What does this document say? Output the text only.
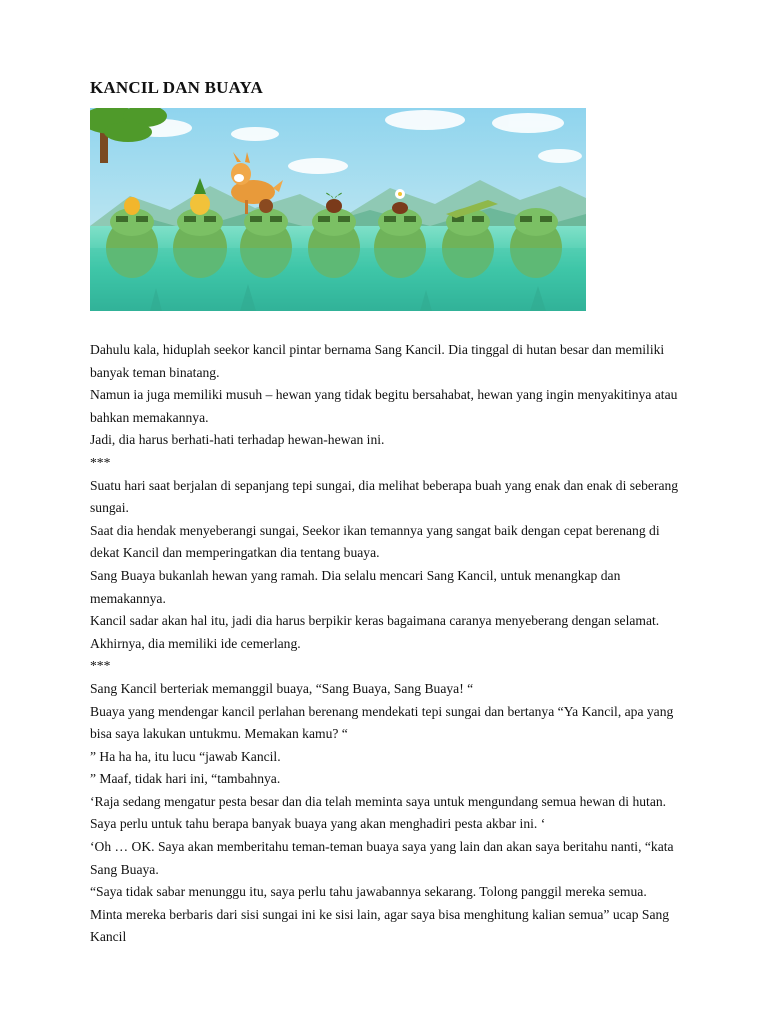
KANCIL DAN BUAYA

Dahulu kala, hiduplah seekor kancil pintar bernama Sang Kancil. Dia tinggal di hutan besar dan memiliki banyak teman binatang.

Namun ia juga memiliki musuh – hewan yang tidak begitu bersahabat, hewan yang ingin menyakitinya atau bahkan memakannya.

Jadi, dia harus berhati-hati terhadap hewan-hewan ini.

***

Suatu hari saat berjalan di sepanjang tepi sungai, dia melihat beberapa buah yang enak dan enak di seberang sungai.

Saat dia hendak menyeberangi sungai, Seekor ikan temannya yang sangat baik dengan cepat berenang di dekat Kancil dan memperingatkan dia tentang buaya.

Sang Buaya bukanlah hewan yang ramah. Dia selalu mencari Sang Kancil, untuk menangkap dan memakannya.

Kancil sadar akan hal itu, jadi dia harus berpikir keras bagaimana caranya menyeberang dengan selamat. Akhirnya, dia memiliki ide cemerlang.

***

Sang Kancil berteriak memanggil buaya, “Sang Buaya, Sang Buaya! “

Buaya yang mendengar kancil perlahan berenang mendekati tepi sungai dan bertanya “Ya Kancil, apa yang bisa saya lakukan untukmu. Memakan kamu? “

” Ha ha ha, itu lucu “jawab Kancil.

” Maaf, tidak hari ini, “tambahnya.

‘Raja sedang mengatur pesta besar dan dia telah meminta saya untuk mengundang semua hewan di hutan. Saya perlu untuk tahu berapa banyak buaya yang akan menghadiri pesta akbar ini. ‘

‘Oh … OK. Saya akan memberitahu teman-teman buaya saya yang lain dan akan saya beritahu nanti, “kata Sang Buaya.

“Saya tidak sabar menunggu itu, saya perlu tahu jawabannya sekarang. Tolong panggil mereka semua. Minta mereka berbaris dari sisi sungai ini ke sisi lain, agar saya bisa menghitung kalian semua” ucap Sang Kancil
